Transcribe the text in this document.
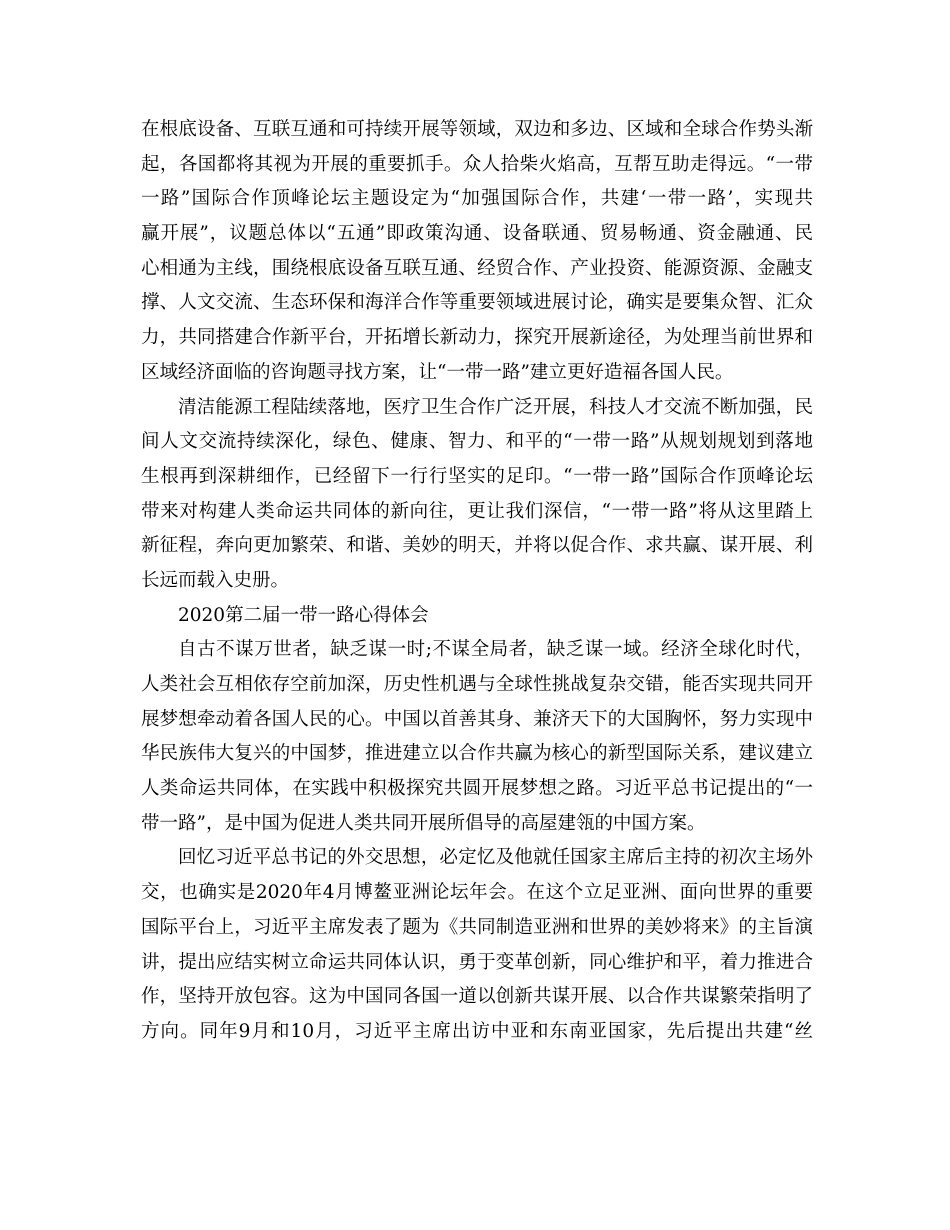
在根底设备、互联互通和可持续开展等领域，双边和多边、区域和全球合作势头渐
起，各国都将其视为开展的重要抓手。众人拾柴火焰高，互帮互助走得远。“一带
一路”国际合作顶峰论坛主题设定为“加强国际合作，共建‘一带一路’，实现共
赢开展”，议题总体以“五通”即政策沟通、设备联通、贸易畅通、资金融通、民
心相通为主线，围绕根底设备互联互通、经贸合作、产业投资、能源资源、金融支
撑、人文交流、生态环保和海洋合作等重要领域进展讨论，确实是要集众智、汇众
力，共同搭建合作新平台，开拓增长新动力，探究开展新途径，为处理当前世界和
区域经济面临的咨询题寻找方案，让“一带一路”建立更好造福各国人民。
清洁能源工程陆续落地，医疗卫生合作广泛开展，科技人才交流不断加强，民
间人文交流持续深化，绿色、健康、智力、和平的“一带一路”从规划规划到落地
生根再到深耕细作，已经留下一行行坚实的足印。“一带一路”国际合作顶峰论坛
带来对构建人类命运共同体的新向往，更让我们深信，“一带一路”将从这里踏上
新征程，奔向更加繁荣、和谐、美妙的明天，并将以促合作、求共赢、谋开展、利
长远而载入史册。
2020第二届一带一路心得体会
自古不谋万世者，缺乏谋一时;不谋全局者，缺乏谋一域。经济全球化时代，
人类社会互相依存空前加深，历史性机遇与全球性挑战复杂交错，能否实现共同开
展梦想牵动着各国人民的心。中国以首善其身、兼济天下的大国胸怀，努力实现中
华民族伟大复兴的中国梦，推进建立以合作共赢为核心的新型国际关系，建议建立
人类命运共同体，在实践中积极探究共圆开展梦想之路。习近平总书记提出的“一
带一路”，是中国为促进人类共同开展所倡导的高屋建瓴的中国方案。
回忆习近平总书记的外交思想，必定忆及他就任国家主席后主持的初次主场外
交，也确实是2020年4月博鳌亚洲论坛年会。在这个立足亚洲、面向世界的重要
国际平台上，习近平主席发表了题为《共同制造亚洲和世界的美妙将来》的主旨演
讲，提出应结实树立命运共同体认识，勇于变革创新，同心维护和平，着力推进合
作，坚持开放包容。这为中国同各国一道以创新共谋开展、以合作共谋繁荣指明了
方向。同年9月和10月，习近平主席出访中亚和东南亚国家，先后提出共建“丝
